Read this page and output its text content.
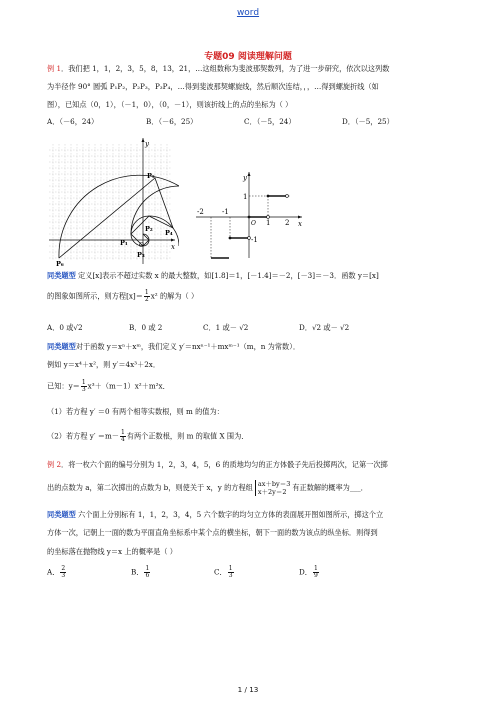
word
专题09 阅读理解问题
例 1．我们把 1，1，2，3，5，8，13，21，…这组数称为斐波那契数列，为了进一步研究，依次以这列数
为半径作 90° 圆弧 P₁P₂，P₂P₃，P₃P₄，…得到斐波那契螺旋线，然后顺次连结，，，…得到螺旋折线（如
图），已知点（0，1），（－1，0），（0，－1），则该折线上的点的坐标为（ ）
A．（－6，24）	B．（－6，25）	C．（－5，24）	D．（－5，25）
y
x
O
P₅
P₂
P₁
P₄
P₃
P₆
y
x
1
-1
-2	-1
O 1 2
同类题型 定义[x]表示不超过实数 x 的最大整数，如[1.8]＝1，[－1.4]＝－2，[－3]＝－3．函数 y＝[x]
的图象如图所示，则方程$[x]= \frac{1}{2} x^2$ 的解为（ ）
A．0 或√2	B．0 或 2	C．1 或－ √2	D．√2 或－ √2
同类题型对于函数 y＝xⁿ＋xᵐ，我们定义 y′＝nxⁿ⁻¹＋mxᵐ⁻¹（m，n 为常数）．
例如 y＝x⁴＋x²，则 y′＝4x³＋2x．
已知：$y= \frac{1}{3} x^3+(m-1)x^2+m^2x$．
（1）若方程 y′ ＝0 有两个相等实数根，则 m 的值为：
（2）若方程 $y' =m- \frac{1}{4}$ 有两个正数根，则 m 的取值 X 围为．
例 2．将一枚六个面的编号分别为 1，2，3，4，5，6 的质地均匀的正方体骰子先后投掷两次，记第一次掷
出的点数为 a，第二次掷出的点数为 b，则使关于 x，y 的方程组 ax＋by＝3
x＋2y＝2 有正数解的概率为___．
同类题型 六个面上分别标有 1，1，2，3，4，5 六个数字的均匀立方体的表面展开图如图所示，掷这个立
方体一次，记朝上一面的数为平面直角坐标系中某个点的横坐标，朝下一面的数为该点的纵坐标．则得到
的坐标落在抛物线 y＝x 上的概率是（ ）
A． $\frac{2}{3}$	B． $\frac{1}{6}$	C． $\frac{1}{3}$	D． $\frac{1}{9}$
1 / 13
